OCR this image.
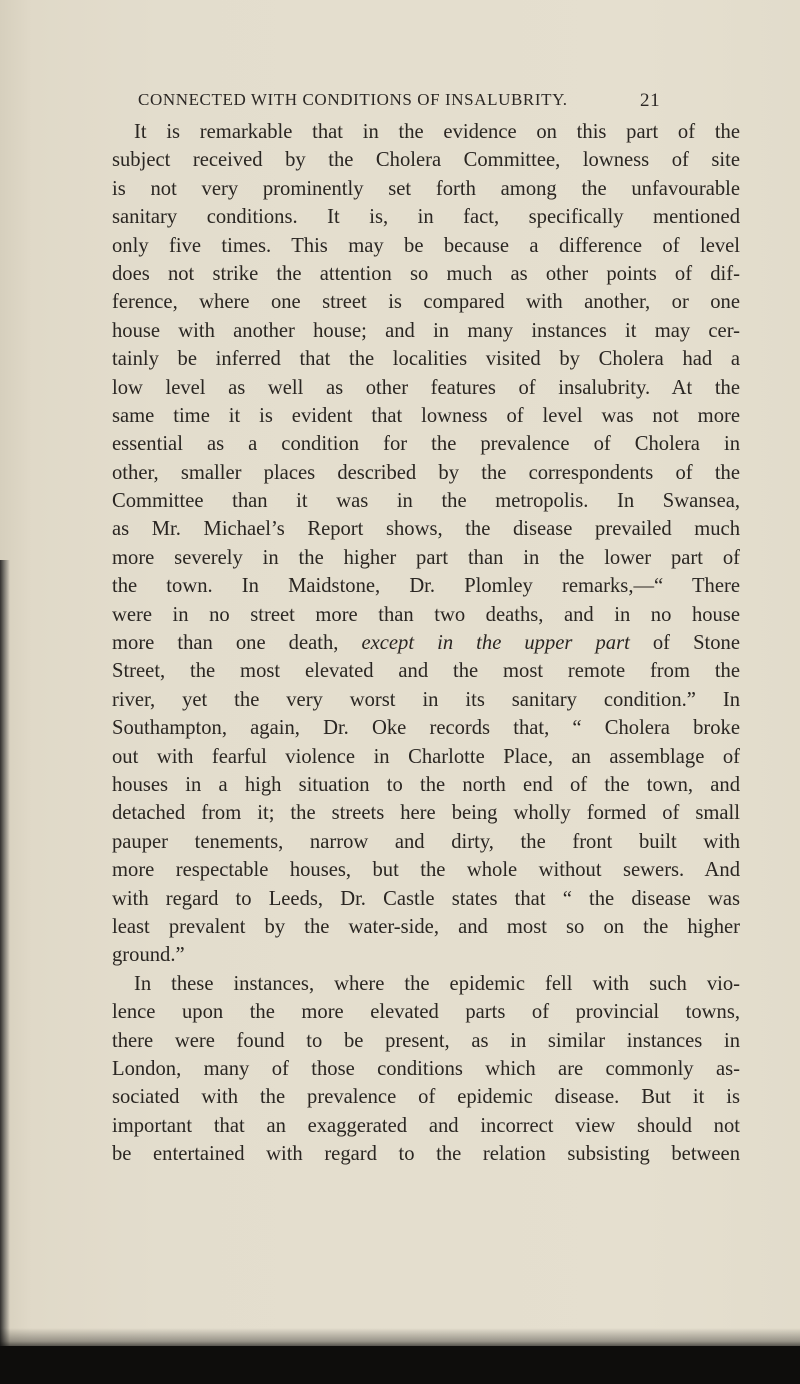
CONNECTED WITH CONDITIONS OF INSALUBRITY.	21
It is remarkable that in the evidence on this part of the
subject received by the Cholera Committee, lowness of site
is not very prominently set forth among the unfavourable
sanitary conditions. It is, in fact, specifically mentioned
only five times. This may be because a difference of level
does not strike the attention so much as other points of dif-
ference, where one street is compared with another, or one
house with another house; and in many instances it may cer-
tainly be inferred that the localities visited by Cholera had a
low level as well as other features of insalubrity. At the
same time it is evident that lowness of level was not more
essential as a condition for the prevalence of Cholera in
other, smaller places described by the correspondents of the
Committee than it was in the metropolis. In Swansea,
as Mr. Michael’s Report shows, the disease prevailed much
more severely in the higher part than in the lower part of
the town. In Maidstone, Dr. Plomley remarks,—“ There
were in no street more than two deaths, and in no house
more than one death, except in the upper part of Stone
Street, the most elevated and the most remote from the
river, yet the very worst in its sanitary condition.” In
Southampton, again, Dr. Oke records that, “ Cholera broke
out with fearful violence in Charlotte Place, an assemblage of
houses in a high situation to the north end of the town, and
detached from it; the streets here being wholly formed of small
pauper tenements, narrow and dirty, the front built with
more respectable houses, but the whole without sewers. And
with regard to Leeds, Dr. Castle states that “ the disease was
least prevalent by the water-side, and most so on the higher
ground.”
In these instances, where the epidemic fell with such vio-
lence upon the more elevated parts of provincial towns,
there were found to be present, as in similar instances in
London, many of those conditions which are commonly as-
sociated with the prevalence of epidemic disease. But it is
important that an exaggerated and incorrect view should not
be entertained with regard to the relation subsisting between
